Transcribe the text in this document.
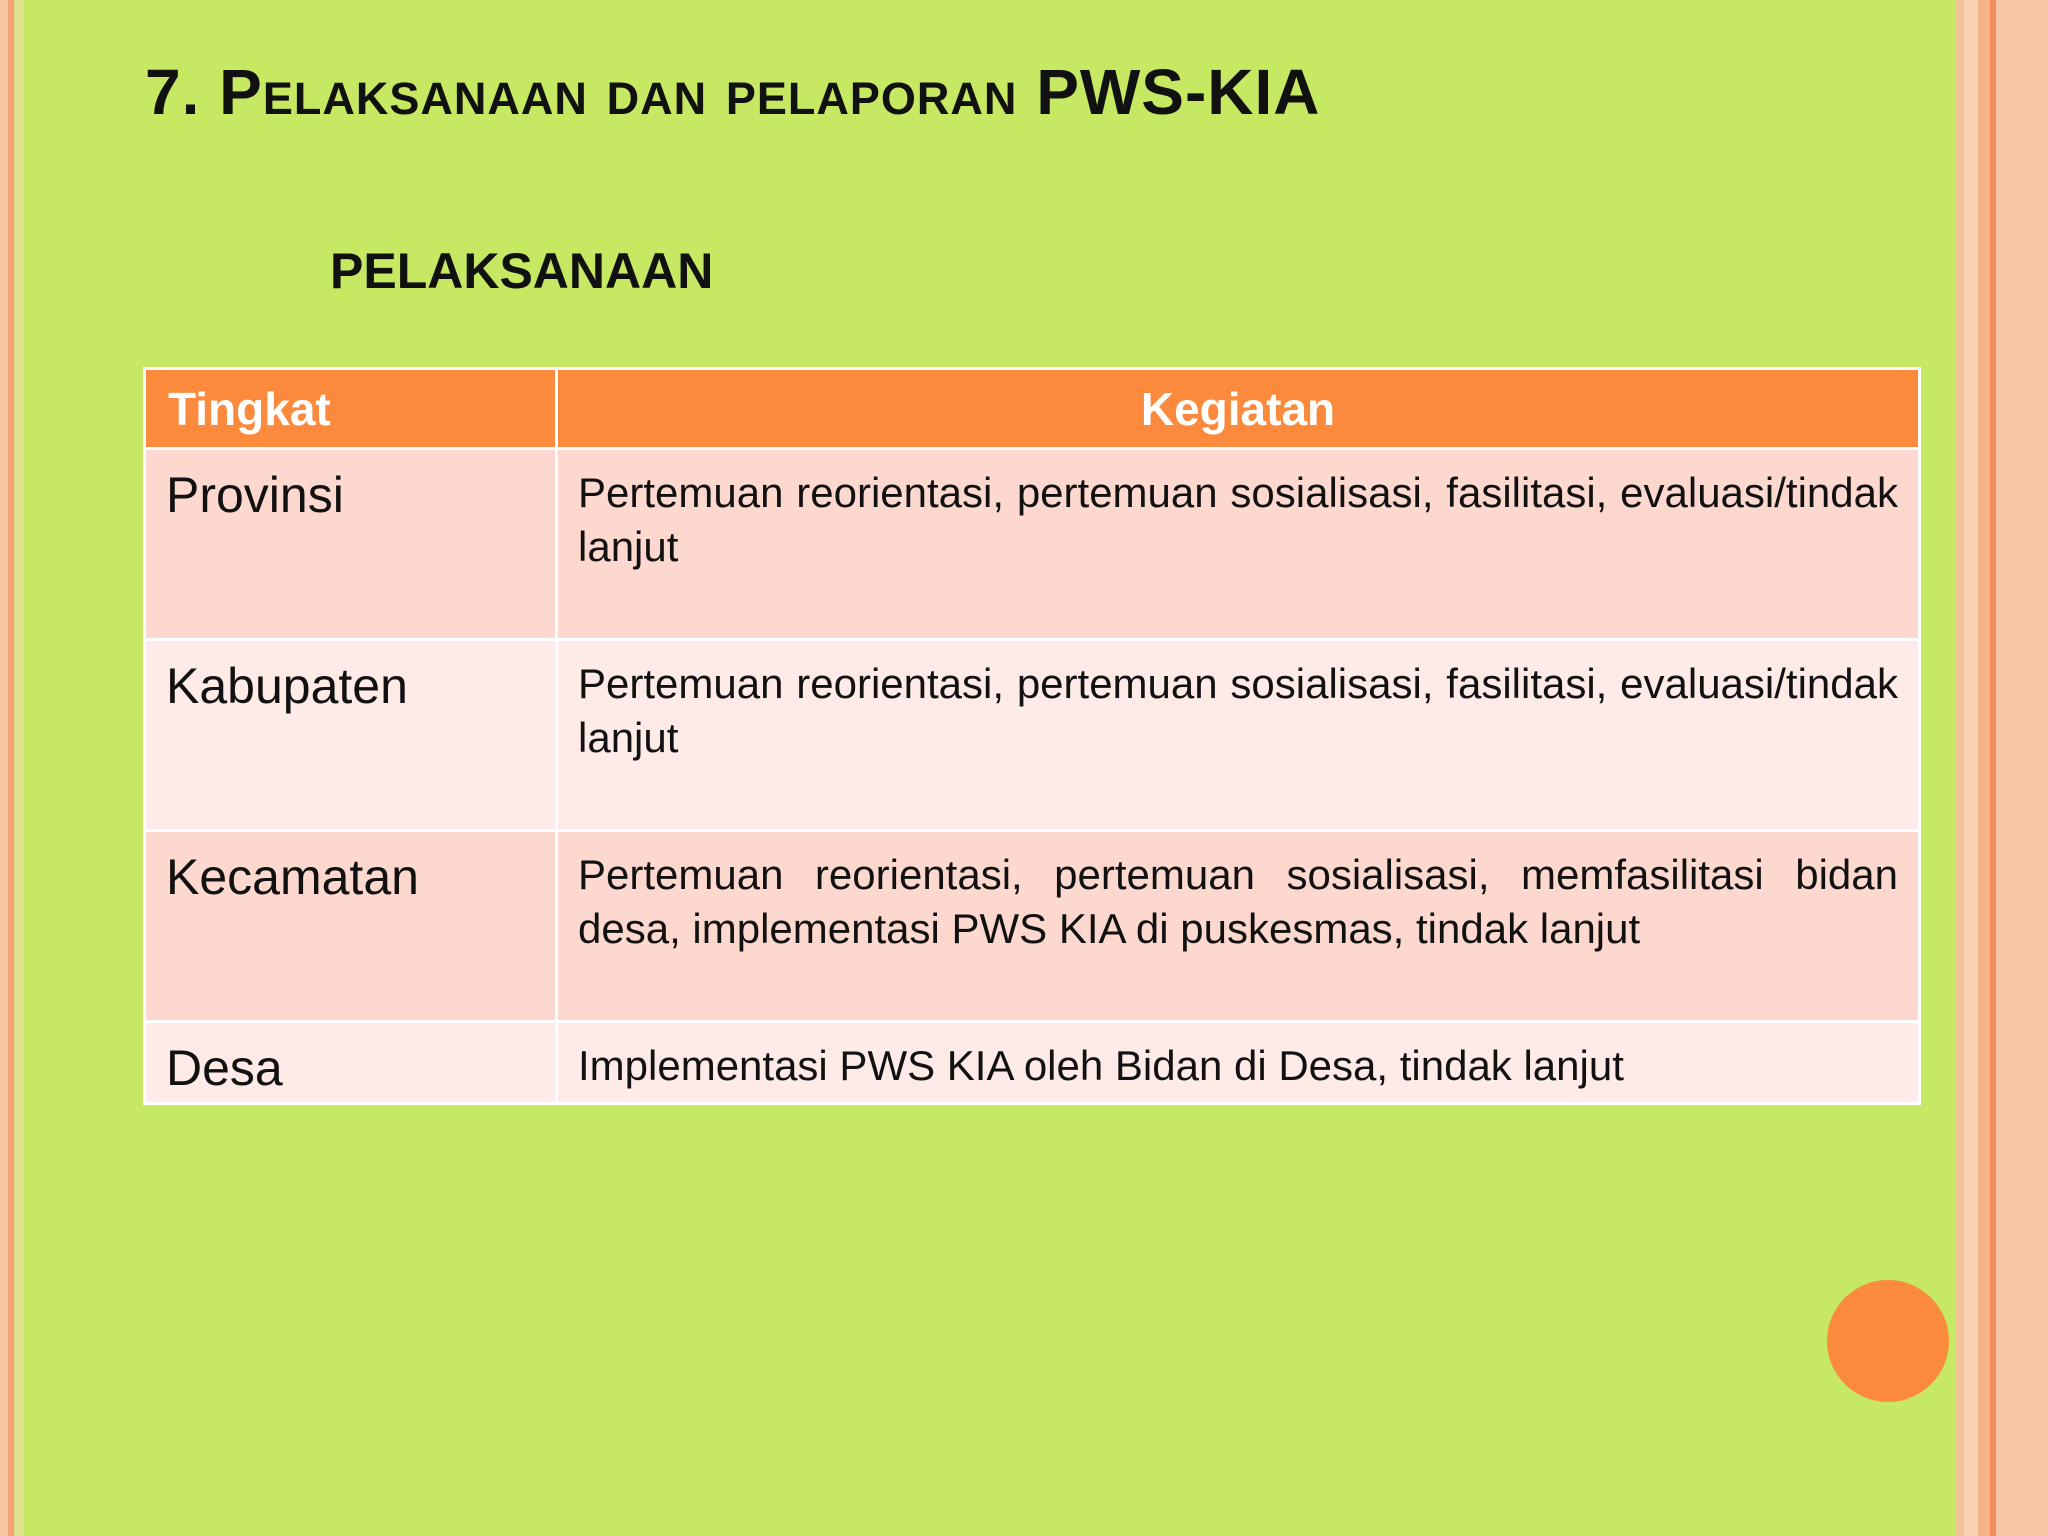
7. Pelaksanaan dan pelaporan PWS-KIA
PELAKSANAAN
Tingkat	Kegiatan
Provinsi	Pertemuan reorientasi, pertemuan sosialisasi, fasilitasi, evaluasi/tindak lanjut
Kabupaten	Pertemuan reorientasi, pertemuan sosialisasi, fasilitasi, evaluasi/tindak lanjut
Kecamatan	Pertemuan reorientasi, pertemuan sosialisasi, memfasilitasi bidan desa, implementasi PWS KIA di puskesmas, tindak lanjut
Desa	Implementasi PWS KIA oleh Bidan di Desa, tindak lanjut
